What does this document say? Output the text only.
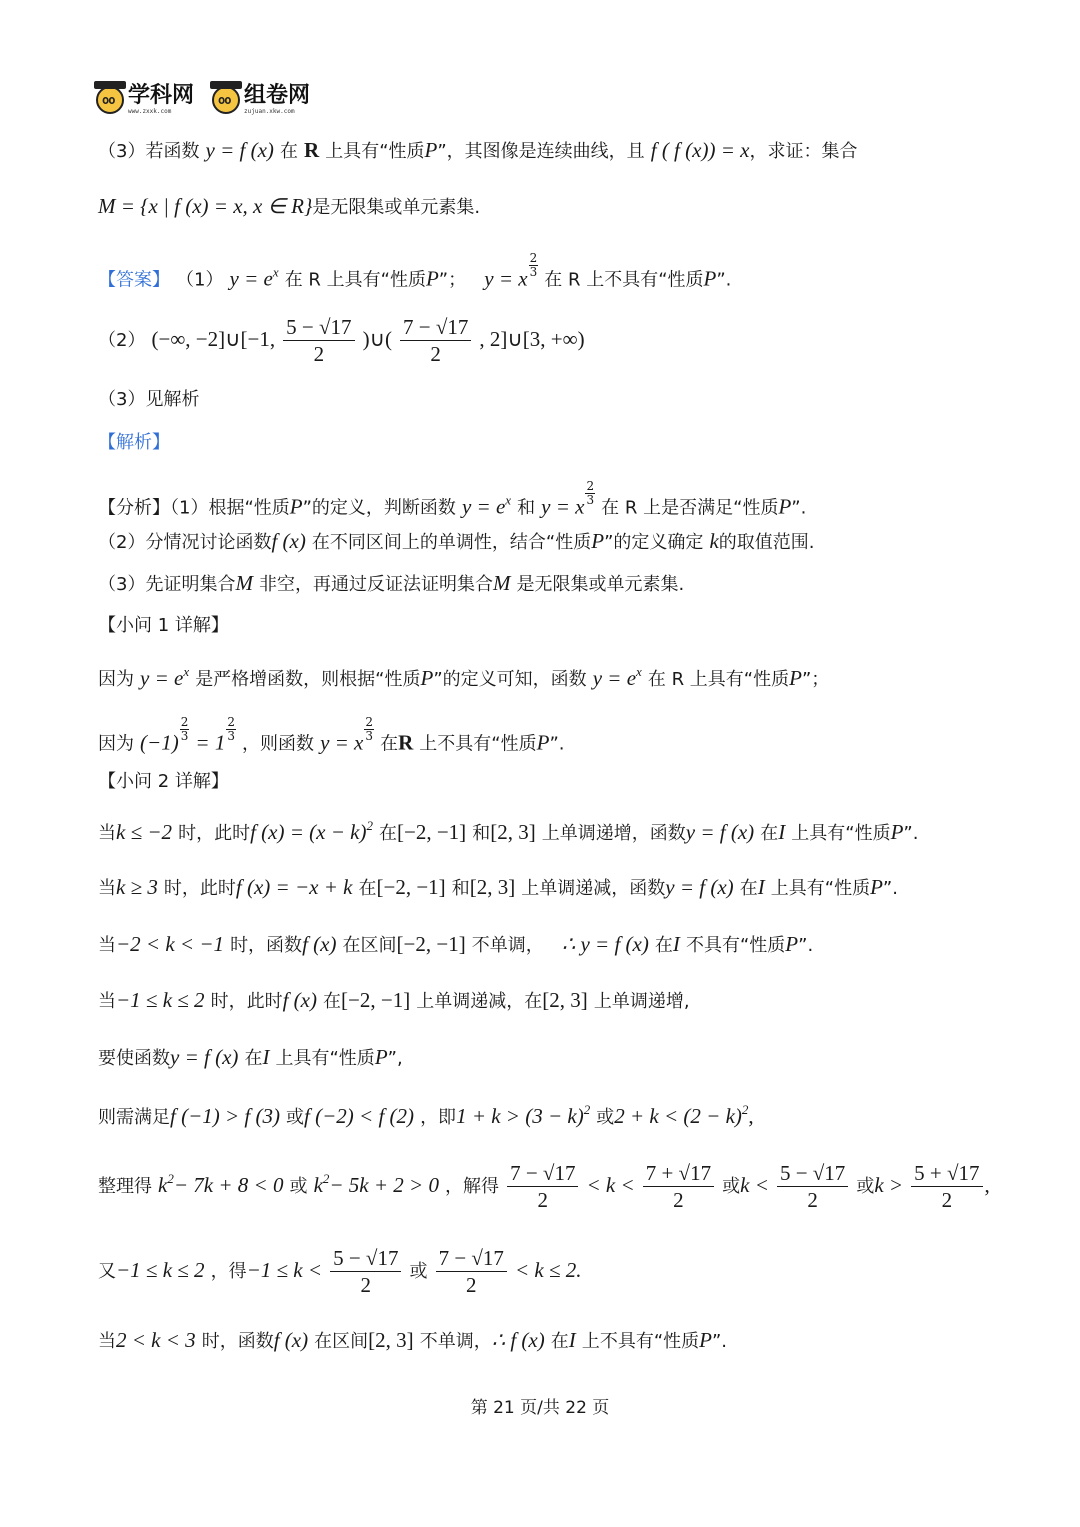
oo
学科网
www.zxxk.com
oo
组卷网
zujuan.xkw.com
（3）若函数 y = f (x) 在 R 上具有“性质P”，其图像是连续曲线，且 f ( f (x)) = x，求证：集合
M = {x | f (x) = x, x ∈ R}是无限集或单元素集.
【答案】 （1） $y = e^x$ 在 R 上具有“性质P”； y = x
$\frac{2}{3}$
在 R 上不具有“性质P”.
（2） (−∞, −2]∪[−1, $\frac{5 - √17}{2}$ )∪( $\frac{7 - √17}{2}$ , 2]∪[3, +∞)
（3）见解析
【解析】
【分析】（1）根据“性质P”的定义，判断函数 $y = e^x$ 和 y = x
$\frac{2}{3}$
在 R 上是否满足“性质P”.
（2）分情况讨论函数f (x) 在不同区间上的单调性，结合“性质P”的定义确定 k的取值范围.
（3）先证明集合M 非空，再通过反证法证明集合M 是无限集或单元素集.
【小问 1 详解】
因为 $y = e^x$ 是严格增函数，则根据“性质P”的定义可知，函数 $y = e^x$ 在 R 上具有“性质P”；
因为 (−1)
$\frac{2}{3}$
= 1
$\frac{2}{3}$
，则函数 y = x
$\frac{2}{3}$
在R 上不具有“性质P”.
【小问 2 详解】
当k ≤ −2 时，此时f $(x) = (x - k)^2$ 在[−2, −1] 和[2, 3] 上单调递增，函数y = f (x) 在I 上具有“性质P”.
当k ≥ 3 时，此时f (x) = −x + k 在[−2, −1] 和[2, 3] 上单调递减，函数y = f (x) 在I 上具有“性质P”.
当−2 < k < −1 时，函数f (x) 在区间[−2, −1] 不单调， ∴ y = f (x) 在I 不具有“性质P”.
当−1 ≤ k ≤ 2 时，此时f (x) 在[−2, −1] 上单调递减，在[2, 3] 上单调递增,
要使函数y = f (x) 在I 上具有“性质P”,
则需满足f (−1) > f (3) 或f (−2) < f (2) ，即$1 + k > (3 - k)^2$ 或$2 + k < (2 - k)^2$,
整理得 $k^2- 7k + 8 < 0$ 或 $k^2- 5k + 2 > 0$ ，解得 $\frac{7 - √17}{2} < k < \frac{7 + √17}{2}$ 或$k < \frac{5 - √17}{2}$ 或$k > \frac{5 + √17}{2}$ ,
又−1 ≤ k ≤ 2 ，得$-1 \le k < \frac{5 - √17}{2}$ 或 $\frac{7 - √17}{2} < k \le 2$.
当2 < k < 3 时，函数f (x) 在区间[2, 3] 不单调，∴ f (x) 在I 上不具有“性质P”.
第 21 页/共 22 页
